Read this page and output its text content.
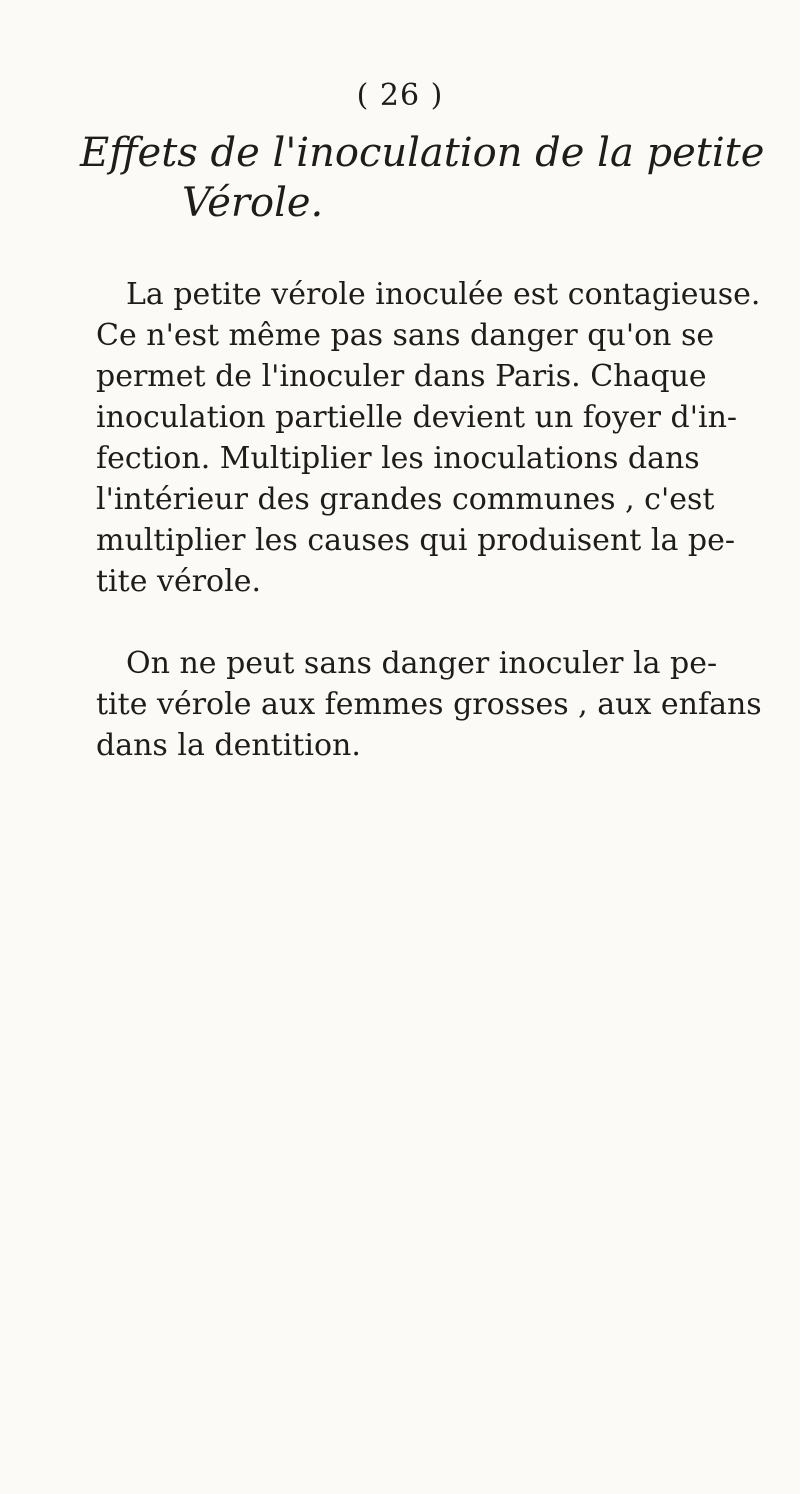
( 26 )
Effets de l'inoculation de la petite
Vérole.
La petite vérole inoculée est contagieuse.
Ce n'est même pas sans danger qu'on se
permet de l'inoculer dans Paris. Chaque
inoculation partielle devient un foyer d'in-
fection. Multiplier les inoculations dans
l'intérieur des grandes communes , c'est
multiplier les causes qui produisent la pe-
tite vérole.
On ne peut sans danger inoculer la pe-
tite vérole aux femmes grosses , aux enfans
dans la dentition.
